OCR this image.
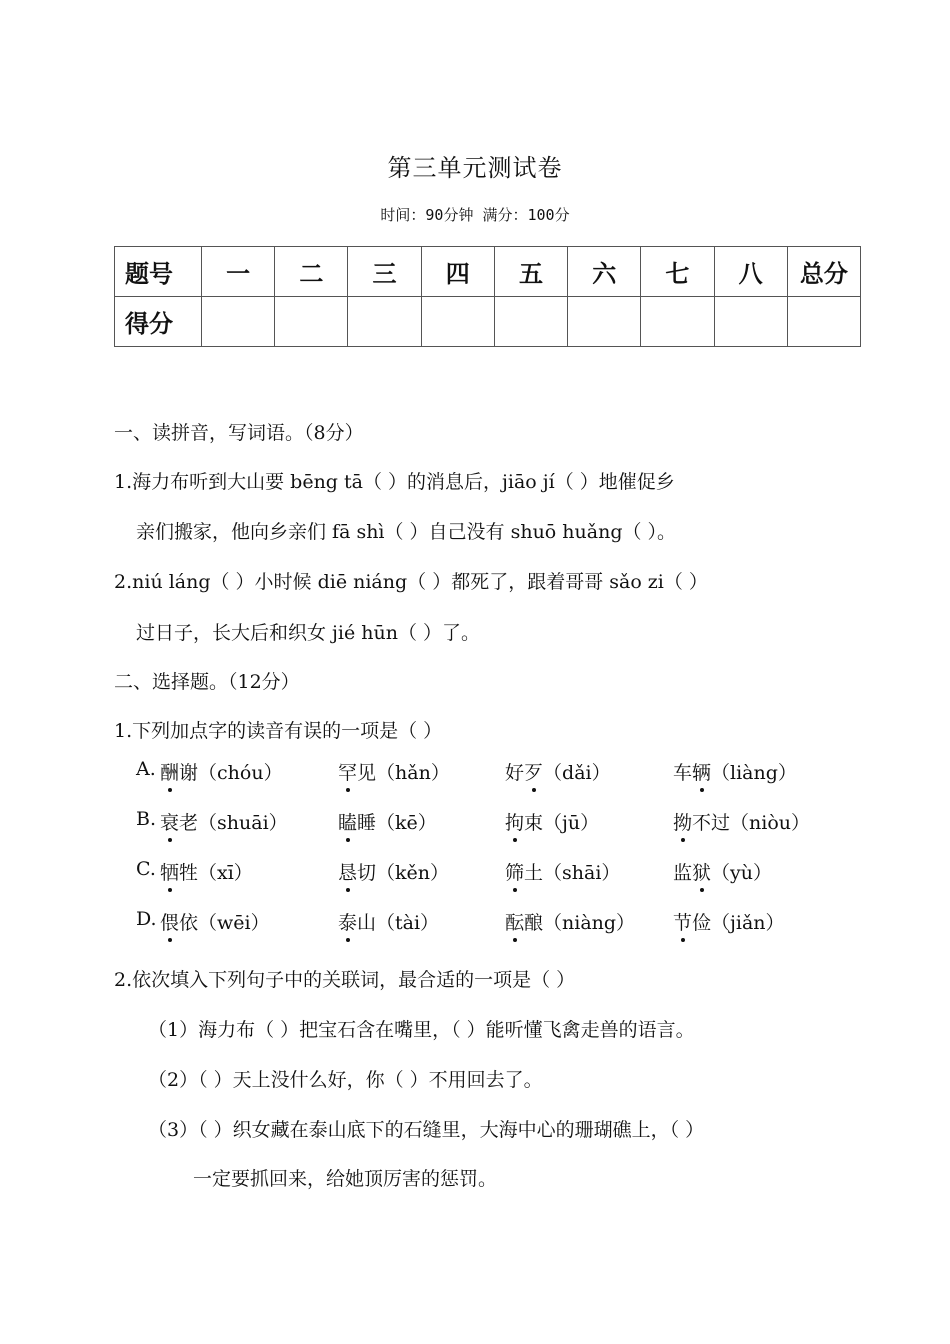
第三单元测试卷
时间：90分钟 满分：100分
题号	一	二	三	四	五	六	七	八	总分
得分									
一、读拼音，写词语。（8分）
1.海力布听到大山要 bēng tā（ ）的消息后，jiāo jí（ ）地催促乡
亲们搬家，他向乡亲们 fā shì（ ）自己没有 shuō huǎng（ ）。
2.niú láng（ ）小时候 diē niáng（ ）都死了，跟着哥哥 sǎo zi（ ）
过日子，长大后和织女 jié hūn（ ）了。
二、选择题。（12分）
1.下列加点字的读音有误的一项是（ ）
A. 酬谢（chóu）	罕见（hǎn）	好歹（dǎi）	车辆（liàng）
B. 衰老（shuāi）	瞌睡（kē）	拘束（jū）	拗不过（niòu）
C. 牺牲（xī）	恳切（kěn）	筛土（shāi）	监狱（yù）
D. 偎依（wēi）	泰山（tài）	酝酿（niàng） 节俭（jiǎn）
2.依次填入下列句子中的关联词，最合适的一项是（ ）
（1）海力布（ ）把宝石含在嘴里，（ ）能听懂飞禽走兽的语言。
（2）（ ）天上没什么好，你（ ）不用回去了。
（3）（ ）织女藏在泰山底下的石缝里，大海中心的珊瑚礁上，（ ）
一定要抓回来，给她顶厉害的惩罚。
